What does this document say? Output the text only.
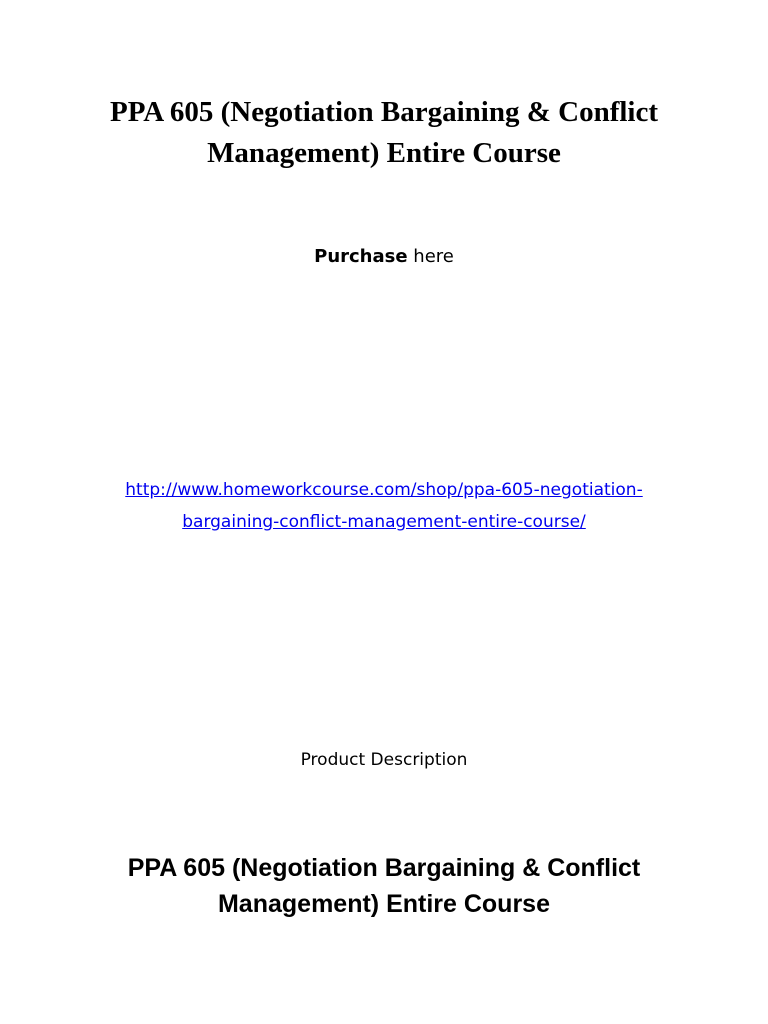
PPA 605 (Negotiation Bargaining & Conflict
Management) Entire Course
Purchase here
http://www.homeworkcourse.com/shop/ppa-605-negotiation-
bargaining-conflict-management-entire-course/
Product Description
PPA 605 (Negotiation Bargaining & Conflict
Management) Entire Course
